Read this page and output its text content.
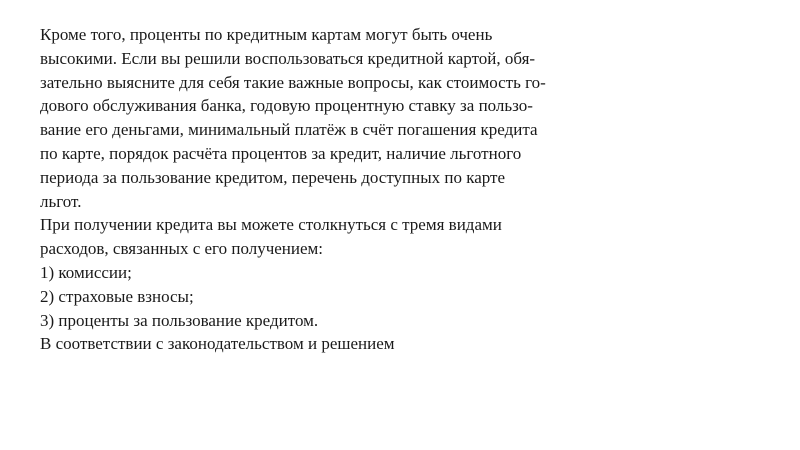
Кроме того, проценты по кредитным картам могут быть очень
высокими. Если вы решили воспользоваться кредитной картой, обя-
зательно выясните для себя такие важные вопросы, как стоимость го-
дового обслуживания банка, годовую процентную ставку за пользо-
вание его деньгами, минимальный платёж в счёт погашения кредита
по карте, порядок расчёта процентов за кредит, наличие льготного
периода за пользование кредитом, перечень доступных по карте
льгот.
При получении кредита вы можете столкнуться с тремя видами
расходов, связанных с его получением:
1) комиссии;
2) страховые взносы;
3) проценты за пользование кредитом.
В соответствии с законодательством и решением
